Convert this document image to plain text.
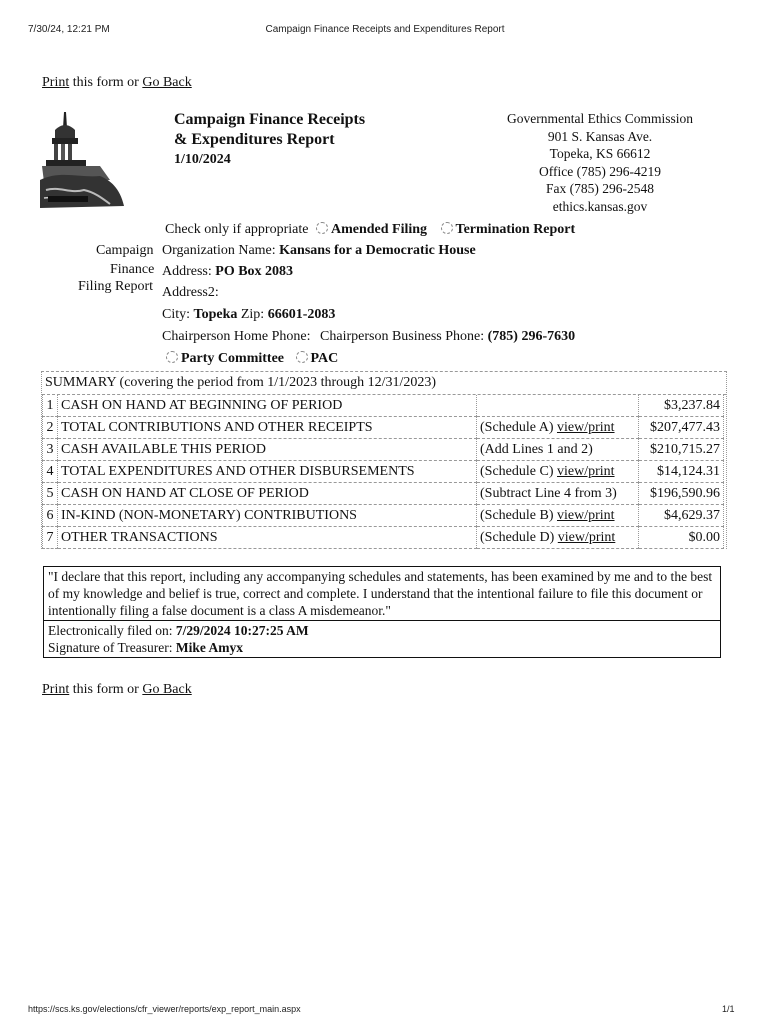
7/30/24, 12:21 PM	Campaign Finance Receipts and Expenditures Report
Print this form or Go Back
Campaign Finance Receipts
& Expenditures Report
1/10/2024
Governmental Ethics Commission
901 S. Kansas Ave.
Topeka, KS 66612
Office (785) 296-4219
Fax (785) 296-2548
ethics.kansas.gov
Check only if appropriate Amended Filing Termination Report
Campaign
Finance
Filing Report
Organization Name: Kansans for a Democratic House
Address: PO Box 2083
Address2:
City: Topeka Zip: 66601-2083
Chairperson Home Phone: Chairperson Business Phone: (785) 296-7630
Party Committee PAC
SUMMARY (covering the period from 1/1/2023 through 12/31/2023)
1	CASH ON HAND AT BEGINNING OF PERIOD		$3,237.84
2	TOTAL CONTRIBUTIONS AND OTHER RECEIPTS	(Schedule A) view/print	$207,477.43
3	CASH AVAILABLE THIS PERIOD	(Add Lines 1 and 2)	$210,715.27
4	TOTAL EXPENDITURES AND OTHER DISBURSEMENTS	(Schedule C) view/print	$14,124.31
5	CASH ON HAND AT CLOSE OF PERIOD	(Subtract Line 4 from 3)	$196,590.96
6	IN-KIND (NON-MONETARY) CONTRIBUTIONS	(Schedule B) view/print	$4,629.37
7	OTHER TRANSACTIONS	(Schedule D) view/print	$0.00
"I declare that this report, including any accompanying schedules and statements, has been examined by me and to the best of my knowledge and belief is true, correct and complete. I understand that the intentional failure to file this document or intentionally filing a false document is a class A misdemeanor."
Electronically filed on: 7/29/2024 10:27:25 AM
Signature of Treasurer: Mike Amyx
Print this form or Go Back
https://scs.ks.gov/elections/cfr_viewer/reports/exp_report_main.aspx	1/1
